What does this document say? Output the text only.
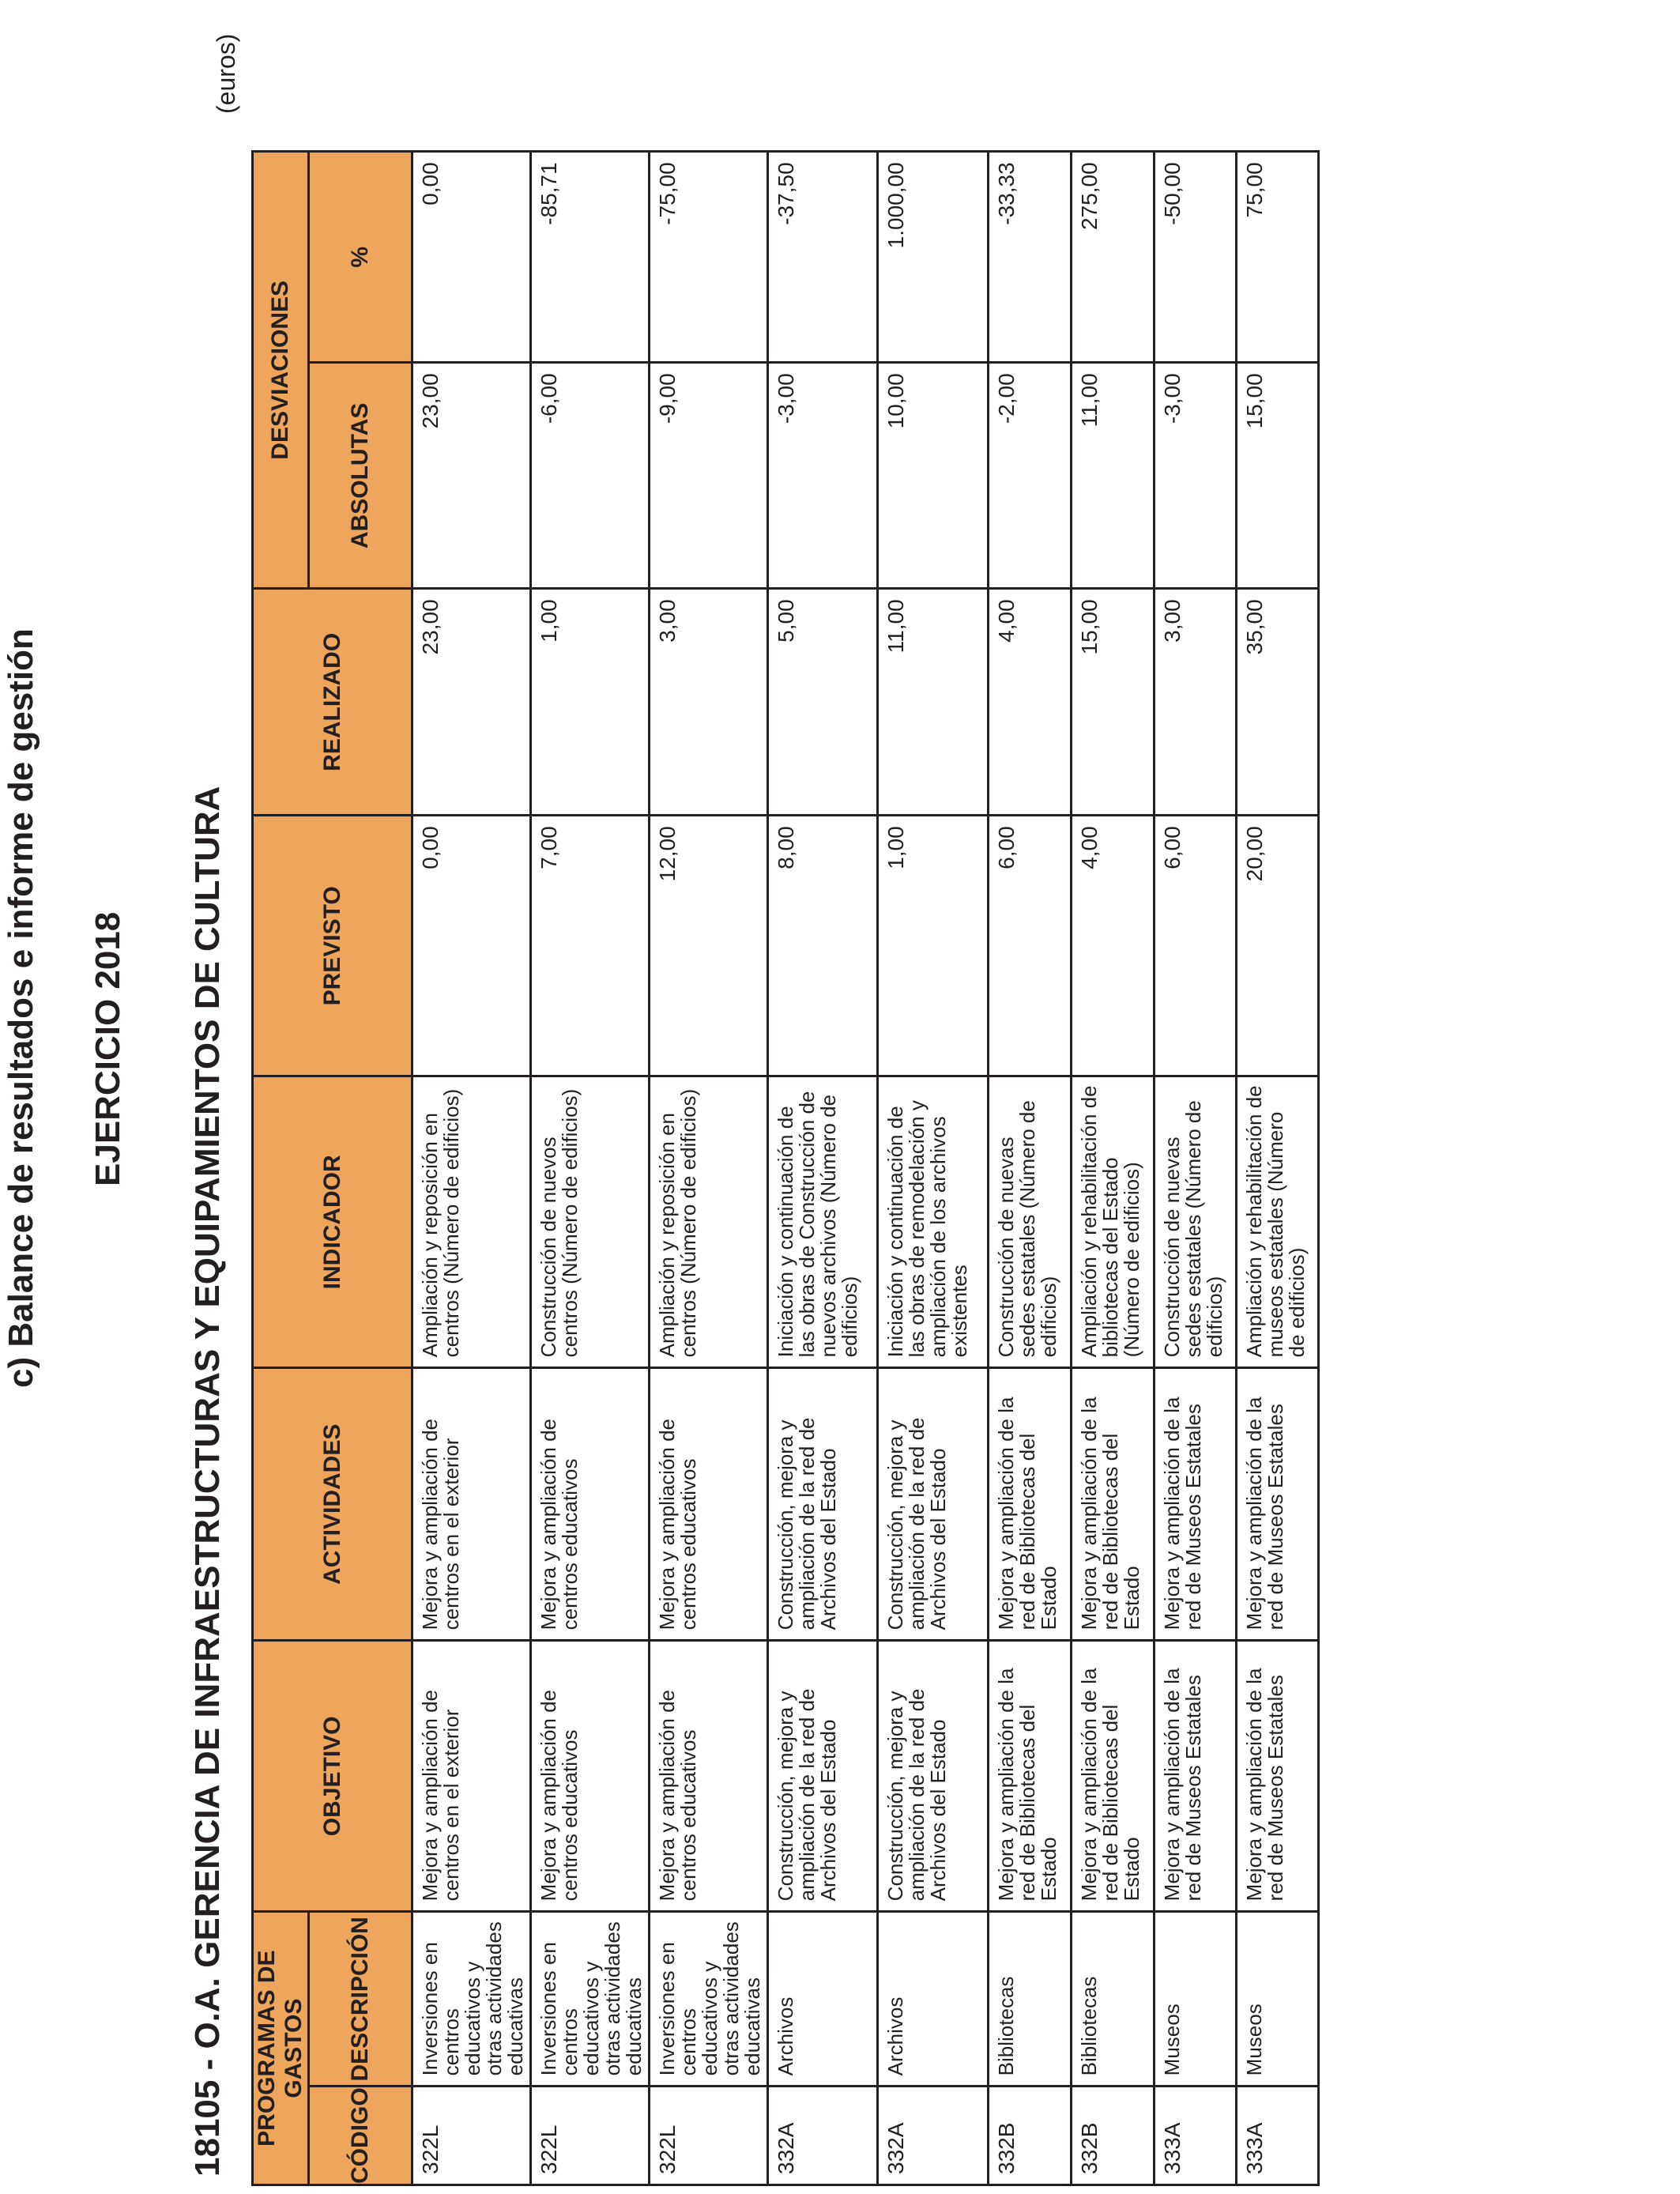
c) Balance de resultados e informe de gestión EJERCICIO 2018 18105 - O.A. GERENCIA DE INFRAESTRUCTURAS Y EQUIPAMIENTOS DE CULTURA
(euros)
PROGRAMAS DE GASTOS		OBJETIVO	ACTIVIDADES	INDICADOR	PREVISTO	REALIZADO	DESVIACIONES	
CÓDIGO	DESCRIPCIÓN						ABSOLUTAS	%
322L	Inversiones en centros educativos y otras actividades educativas	Mejora y ampliación de centros en el exterior	Mejora y ampliación de centros en el exterior	Ampliación y reposición en centros (Número de edificios)	0,00	23,00	23,00	0,00
322L	Inversiones en centros educativos y otras actividades educativas	Mejora y ampliación de centros educativos	Mejora y ampliación de centros educativos	Construcción de nuevos centros (Número de edificios)	7,00	1,00	-6,00	-85,71
322L	Inversiones en centros educativos y otras actividades educativas	Mejora y ampliación de centros educativos	Mejora y ampliación de centros educativos	Ampliación y reposición en centros (Número de edificios)	12,00	3,00	-9,00	-75,00
332A	Archivos	Construcción, mejora y ampliación de la red de Archivos del Estado	Construcción, mejora y ampliación de la red de Archivos del Estado	Iniciación y continuación de las obras de Construcción de nuevos archivos (Número de edificios)	8,00	5,00	-3,00	-37,50
332A	Archivos	Construcción, mejora y ampliación de la red de Archivos del Estado	Construcción, mejora y ampliación de la red de Archivos del Estado	Iniciación y continuación de las obras de remodelación y ampliación de los archivos existentes	1,00	11,00	10,00	1.000,00
332B	Bibliotecas	Mejora y ampliación de la red de Bibliotecas del Estado	Mejora y ampliación de la red de Bibliotecas del Estado	Construcción de nuevas sedes estatales (Número de edificios)	6,00	4,00	-2,00	-33,33
332B	Bibliotecas	Mejora y ampliación de la red de Bibliotecas del Estado	Mejora y ampliación de la red de Bibliotecas del Estado	Ampliación y rehabilitación de bibliotecas del Estado (Número de edificios)	4,00	15,00	11,00	275,00
333A	Museos	Mejora y ampliación de la red de Museos Estatales	Mejora y ampliación de la red de Museos Estatales	Construcción de nuevas sedes estatales (Número de edificios)	6,00	3,00	-3,00	-50,00
333A	Museos	Mejora y ampliación de la red de Museos Estatales	Mejora y ampliación de la red de Museos Estatales	Ampliación y rehabilitación de museos estatales (Número de edificios)	20,00	35,00	15,00	75,00
